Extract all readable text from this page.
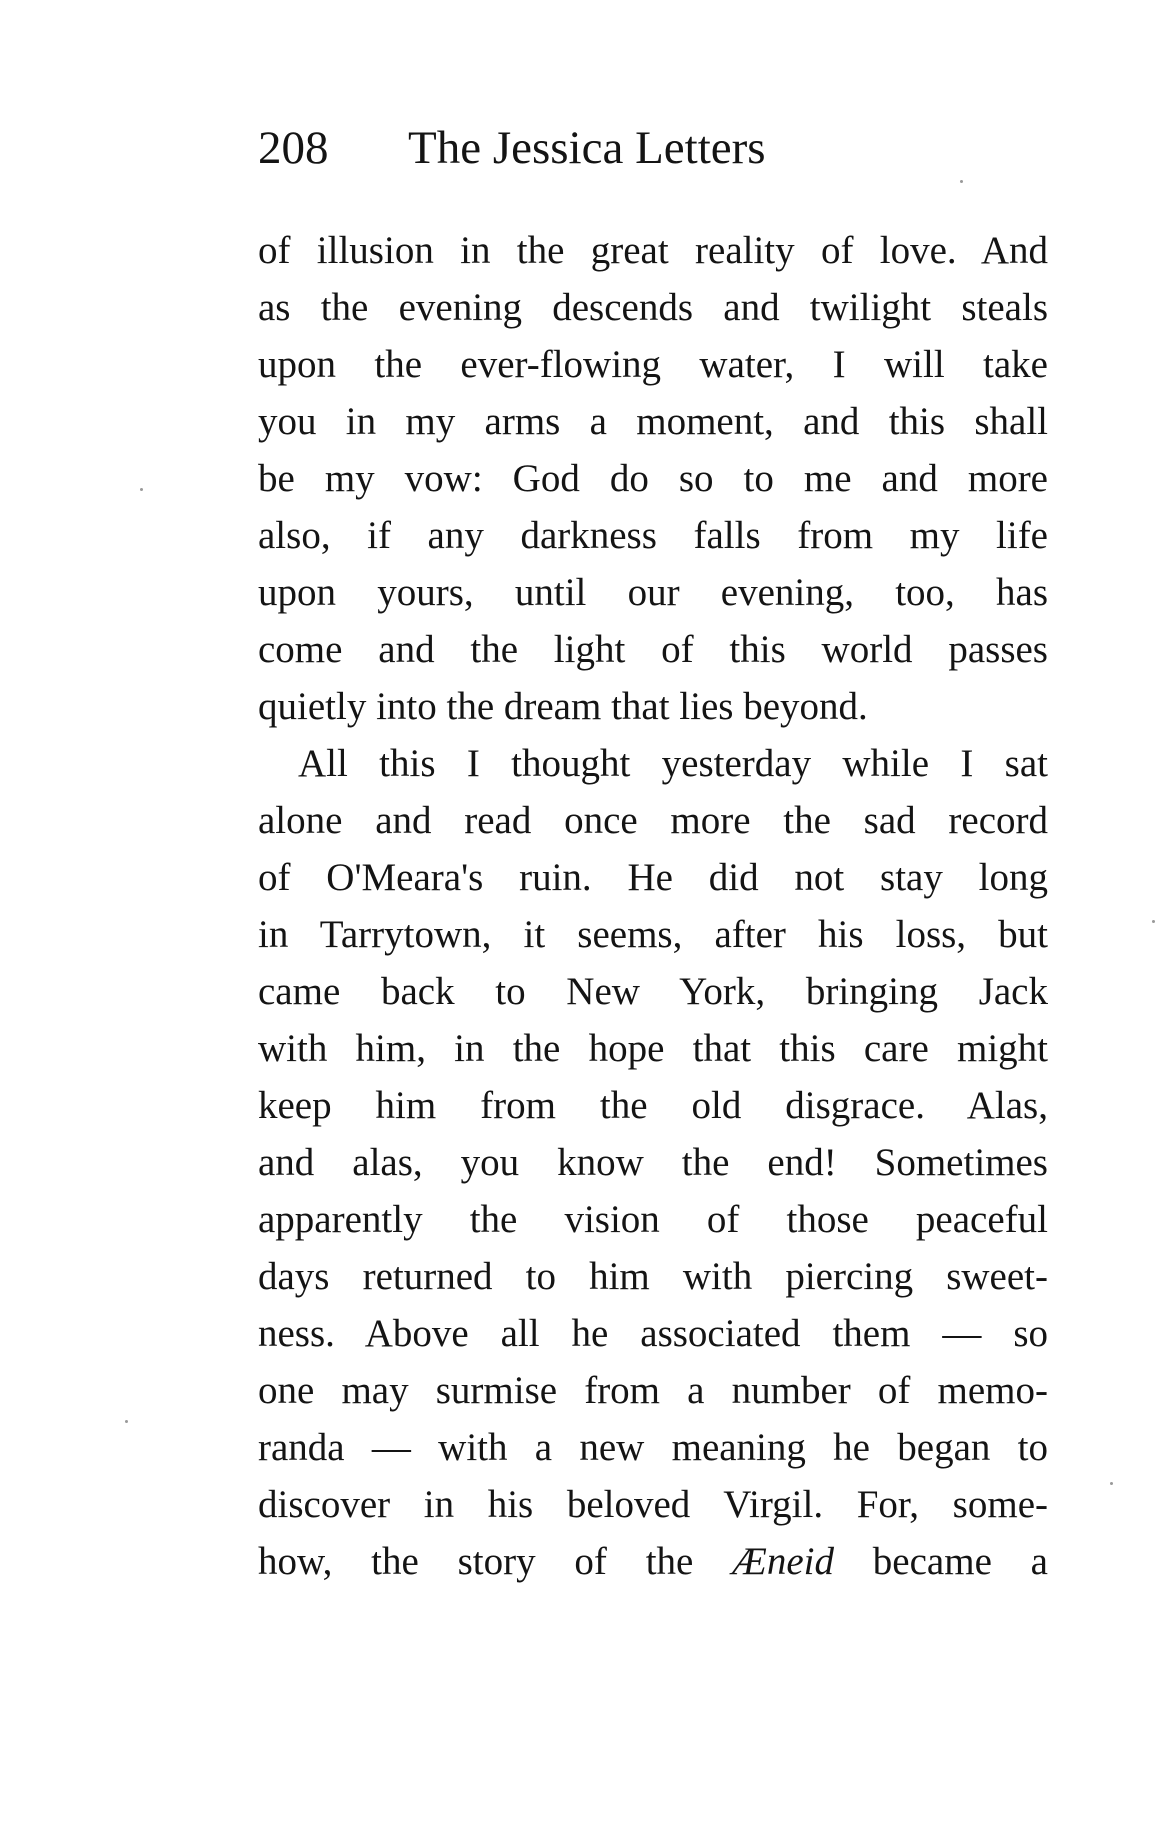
208 The Jessica Letters
of illusion in the great reality of love. And
as the evening descends and twilight steals
upon the ever-flowing water, I will take
you in my arms a moment, and this shall
be my vow: God do so to me and more
also, if any darkness falls from my life
upon yours, until our evening, too, has
come and the light of this world passes
quietly into the dream that lies beyond.
All this I thought yesterday while I sat
alone and read once more the sad record
of O'Meara's ruin. He did not stay long
in Tarrytown, it seems, after his loss, but
came back to New York, bringing Jack
with him, in the hope that this care might
keep him from the old disgrace. Alas,
and alas, you know the end! Sometimes
apparently the vision of those peaceful
days returned to him with piercing sweet-
ness. Above all he associated them — so
one may surmise from a number of memo-
randa — with a new meaning he began to
discover in his beloved Virgil. For, some-
how, the story of the Æneid became a
